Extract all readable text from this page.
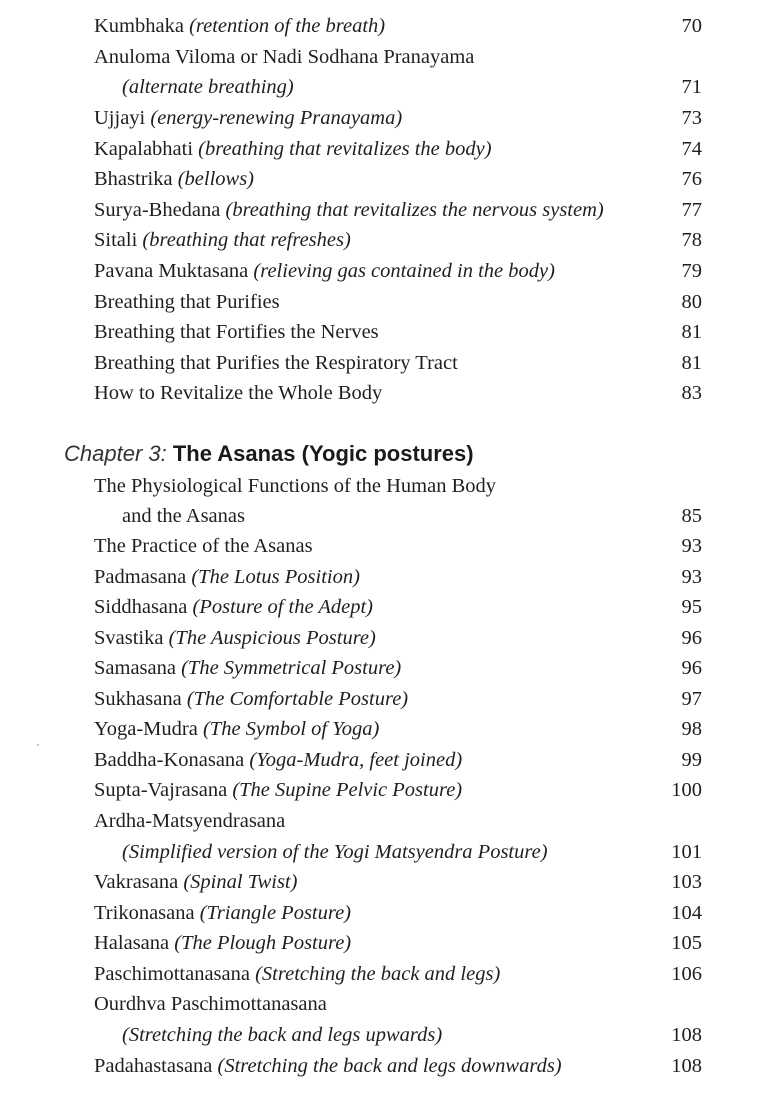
Kumbhaka (retention of the breath)	70
Anuloma Viloma or Nadi Sodhana Pranayama
(alternate breathing)	71
Ujjayi (energy-renewing Pranayama)	73
Kapalabhati (breathing that revitalizes the body)	74
Bhastrika (bellows)	76
Surya-Bhedana (breathing that revitalizes the nervous system)	77
Sitali (breathing that refreshes)	78
Pavana Muktasana (relieving gas contained in the body)	79
Breathing that Purifies	80
Breathing that Fortifies the Nerves	81
Breathing that Purifies the Respiratory Tract	81
How to Revitalize the Whole Body	83
Chapter 3: The Asanas (Yogic postures)
The Physiological Functions of the Human Body
and the Asanas	85
The Practice of the Asanas	93
Padmasana (The Lotus Position)	93
Siddhasana (Posture of the Adept)	95
Svastika (The Auspicious Posture)	96
Samasana (The Symmetrical Posture)	96
Sukhasana (The Comfortable Posture)	97
Yoga-Mudra (The Symbol of Yoga)	98
Baddha-Konasana (Yoga-Mudra, feet joined)	99
Supta-Vajrasana (The Supine Pelvic Posture)	100
Ardha-Matsyendrasana
(Simplified version of the Yogi Matsyendra Posture)	101
Vakrasana (Spinal Twist)	103
Trikonasana (Triangle Posture)	104
Halasana (The Plough Posture)	105
Paschimottanasana (Stretching the back and legs)	106
Ourdhva Paschimottanasana
(Stretching the back and legs upwards)	108
Padahastasana (Stretching the back and legs downwards)	108
